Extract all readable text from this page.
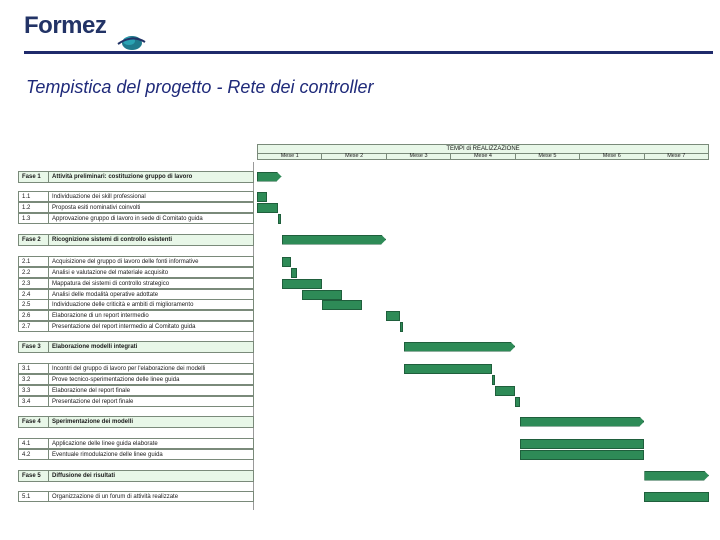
Formez
Tempistica del progetto - Rete dei controller
TEMPI di REALIZZAZIONE
Mese 1	Mese 2	Mese 3	Mese 4	Mese 5	Mese 6	Mese 7
Fase 1	Attività preliminari: costituzione gruppo di lavoro
1.1	Individuazione dei skill professional
1.2	Proposta esiti nominativi coinvolti
1.3	Approvazione gruppo di lavoro in sede di Comitato guida
Fase 2	Ricognizione sistemi di controllo esistenti
2.1	Acquisizione del gruppo di lavoro delle fonti informative
2.2	Analisi e valutazione del materiale acquisito
2.3	Mappatura dei sistemi di controllo strategico
2.4	Analisi delle modalità operative adottate
2.5	Individuazione delle criticità e ambiti di miglioramento
2.6	Elaborazione di un report intermedio
2.7	Presentazione del report intermedio al Comitato guida
Fase 3	Elaborazione modelli integrati
3.1	Incontri del gruppo di lavoro per l'elaborazione dei modelli
3.2	Prove tecnico-sperimentazione delle linee guida
3.3	Elaborazione del report finale
3.4	Presentazione del report finale
Fase 4	Sperimentazione dei modelli
4.1	Applicazione delle linee guida elaborate
4.2	Eventuale rimodulazione delle linee guida
Fase 5	Diffusione dei risultati
5.1	Organizzazione di un forum di attività realizzate
